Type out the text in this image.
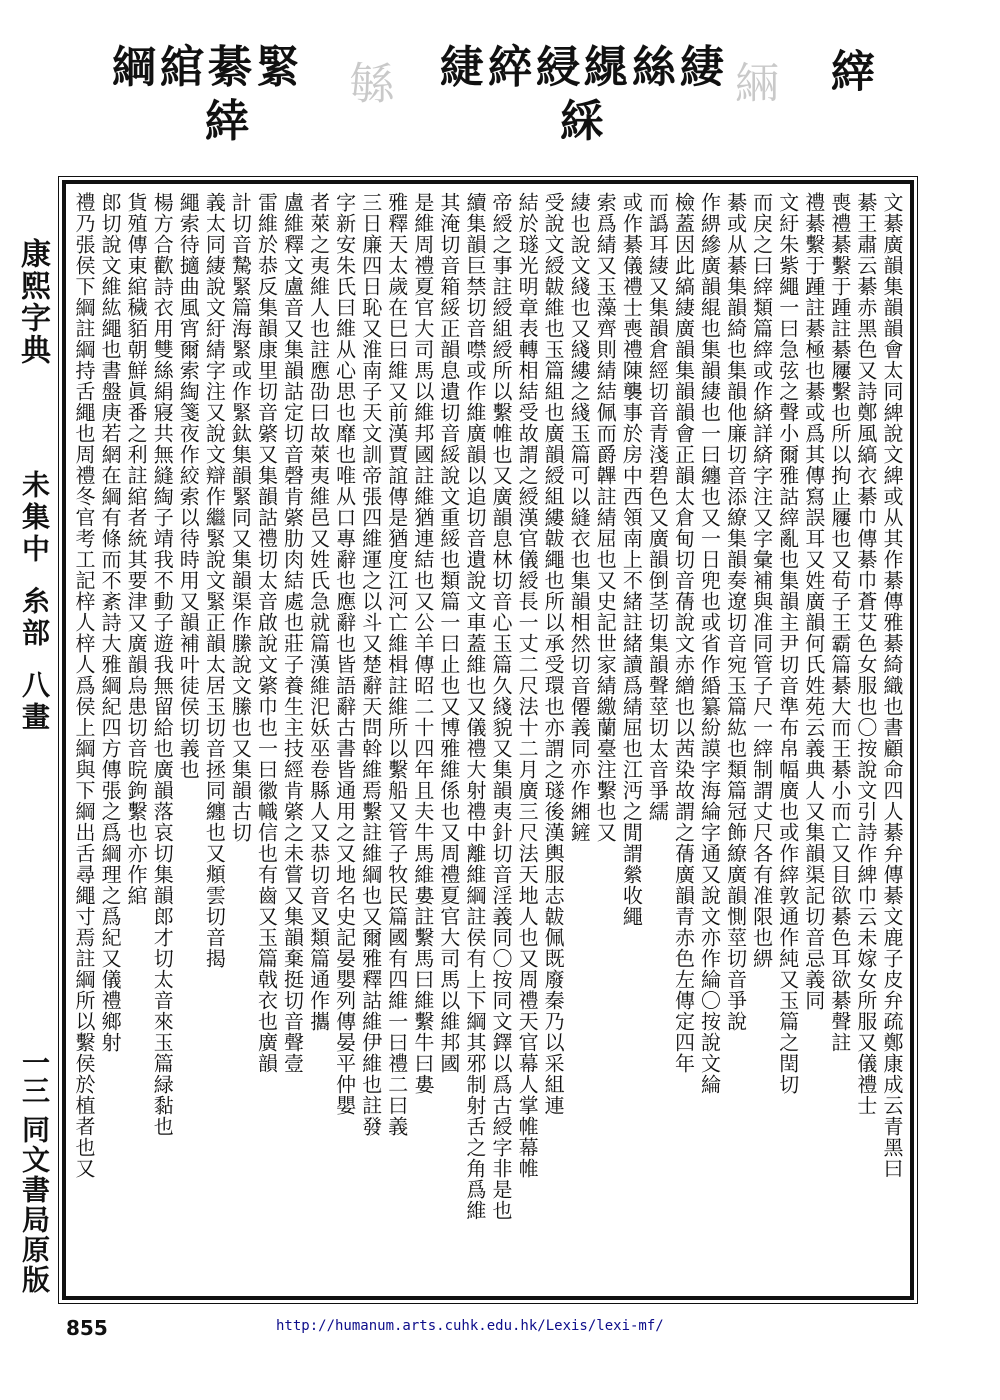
縡
緁綷綅繉絲緀
綵
緐	緉
綱綰綦緊
緈
康熙字典
未集中糸部八畫
一三
同文書局原版
文綦廣韻集韻韻會太同綼說文綼或从其作綦傳雅綦綺織也書顧命四人綦弁傳綦文鹿子皮弁疏鄭康成云青黑曰
綦王肅云綦赤黑色又詩鄭風縞衣綦巾傳綦巾蒼艾色女服也〇按說文引詩作綼巾云未嫁女所服又儀禮士
喪禮綦繫于踵註綦屨繫也所以拘止屨也又荀子王霸篇綦大而王綦小而亡又目欲綦色耳欲綦聲註
禮綦繫于踵註綦極也綦或爲其傳寫誤耳又姓廣韻何氏姓苑云義典人又集韻渠記切音忌義同
文紆朱紫繩一曰急弦之聲小爾雅詁縡亂也集韻主尹切音準布帛幅廣也或作縡敦通作純又玉篇之閏切
而戾之曰縡類篇縡或作緕詳緕字注又字彙補與准同管子尺一縡制謂丈尺各有准限也綥
綦或从綦集韻綺也集韻他廉切音添繚集韻奏遼切音宛玉篇紘也類篇冠飾繚廣韻惻莖切音爭說
作綥縿廣韻緄也集韻緀也一曰纏也又一日兜也或省作緍纂紛謨字海綸字通又說文亦作綸〇按說文綸
檢蓋因此縞緀廣韻集韻韻會正韻太倉甸切音蒨說文赤繒也以茜染故謂之蒨廣韻青赤色左傳定四年
而譌耳緀又集韻倉經切音青淺碧色又廣韻倒茎切集韻聲莖切太音爭繻
或作綦儀禮士喪禮陳襲事於房中西領南上不緒註緒讀爲綪屈也江沔之閒謂縈收繩
索爲綪又玉藻齊則綪結佩而爵韠註綪屈也又史記世家綪繳蘭臺注繫也又
緀也說文綫也又綫縷之綫玉篇可以縫衣也集韻相然切音僊義同亦作緗鏟
受說文綬韍維也玉篇組也廣韻綬組縷韍繩也所以承受環也亦謂之璲後漢輿服志韍佩既廢秦乃以采組連
結於璲光明章表轉相結受故謂之綬漢官儀綬長一丈二尺法十二月廣三尺法天地人也又周禮天官幕人掌帷幕帷
帝綬之事註綬組綬所以繫帷也又廣韻息林切音心玉篇久綫貌又集韻夷針切音淫義同〇按同文鐸以爲古綬字非是也
續集韻巨禁切音噤或作維廣韻以追切音遺說文車蓋維也又儀禮大射禮中離維綱註侯有上下綱其邪制射舌之角爲維
其淹切音箱綏正韻息遺切音綏說文重綏也類篇一曰止也又博雅維係也又周禮夏官大司馬以維邦國
是維周禮夏官大司馬以維邦國註維猶連結也又公羊傳昭二十四年且夫牛馬維婁註繫馬曰維繫牛曰婁
雅釋天太歲在巳曰維又前漢賈誼傳是猶度江河亡維楫註維所以繫船又管子牧民篇國有四維一曰禮二曰義
三日廉四日恥又淮南子天文訓帝張四維運之以斗又楚辭天問斡維焉繫註維綱也又爾雅釋詁維伊維也註發
字新安朱氏曰維从心思也靡也唯从口專辭也應辭也皆語辭古書皆通用之又地名史記晏嬰列傳晏平仲嬰
者萊之夷維人也註應劭曰故萊夷維邑又姓氏急就篇漢維汜妖巫卷縣人又恭切音叉類篇通作攜
盧維釋文盧音又集韻詁定切音磬肯綮肋肉結處也莊子養生主技經肯綮之未嘗又集韻棄挺切音聲壹
雷維於恭反集韻康里切音綮又集韻詁禮切太音啟說文綮巾也一曰徽幟信也有齒又玉篇戟衣也廣韻
計切音騺緊篇海緊或作緊鈦集韻緊同又集韻渠作縢說文縢也又集韻古切
義太同緀說文紆綪字注又說文辯作繼緊說文緊正韻太居玉切音拯同纏也又頫雲切音揭
繩索待擿曲風宵爾索綯箋夜作絞索以待時用又韻補叶徒侯切義也
楊方合歡詩衣用雙絲絹寢共無縫綯子靖我不動子遊我無留給也廣韻落哀切集韻郎才切太音來玉篇緑黏也
貨殖傳東綰穢貊朝鮮眞番之利註綰者統其要津又廣韻烏患切音晥鉤繫也亦作綰
郎切說文維紘繩也書盤庚若網在綱有條而不紊詩大雅綱紀四方傳張之爲綱理之爲紀又儀禮鄉射
禮乃張侯下綱註綱持舌繩也周禮冬官考工記梓人梓人爲侯上綱與下綱出舌尋繩寸焉註綱所以繫侯於植者也又
855	http://humanum.arts.cuhk.edu.hk/Lexis/lexi-mf/
